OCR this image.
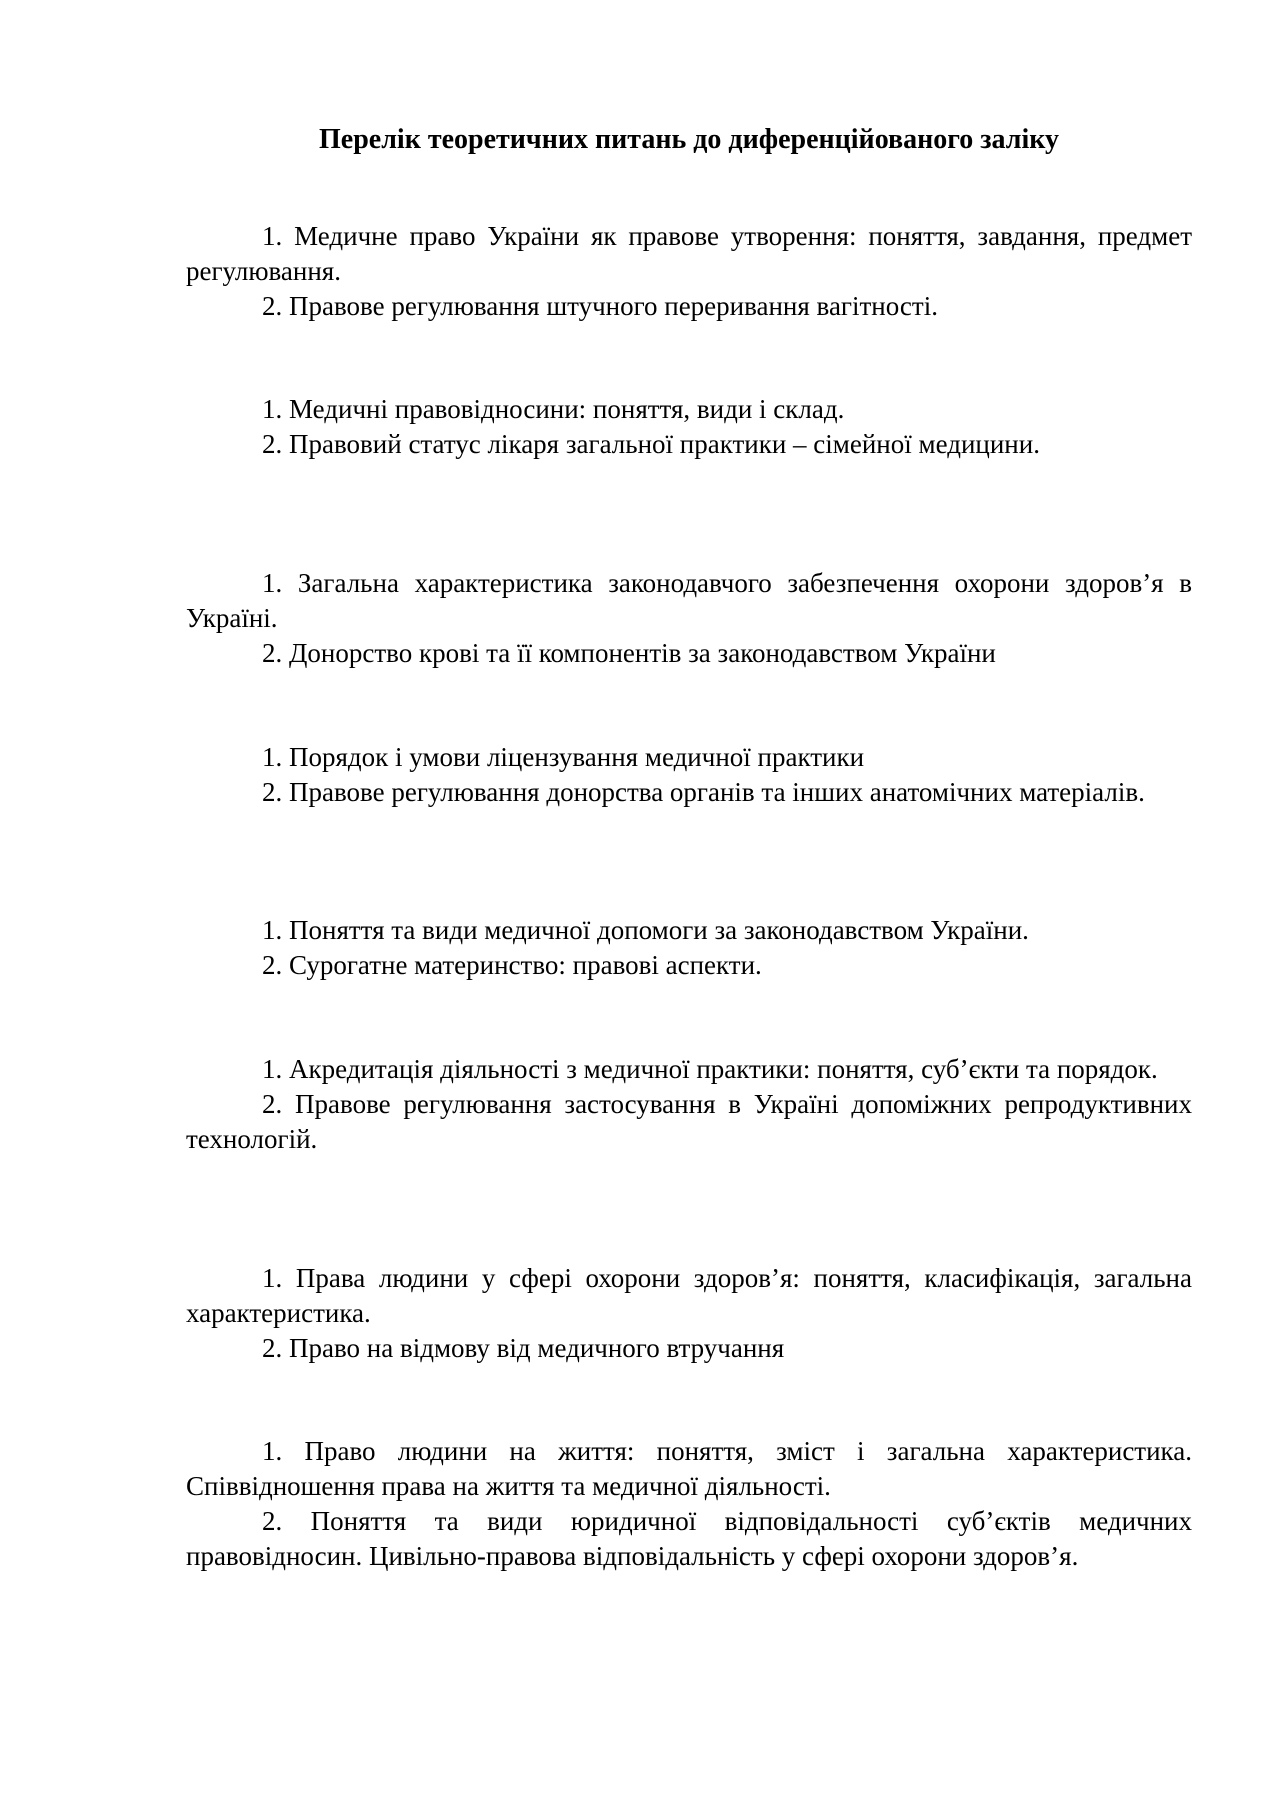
Перелік теоретичних питань до диференційованого заліку

1. Медичне право України як правове утворення: поняття, завдання, предмет регулювання.

2. Правове регулювання штучного переривання вагітності.

1. Медичні правовідносини: поняття, види і склад.

2. Правовий статус лікаря загальної практики – сімейної медицини.

1. Загальна характеристика законодавчого забезпечення охорони здоров’я в Україні.

2. Донорство крові та її компонентів за законодавством України

1. Порядок і умови ліцензування медичної практики

2. Правове регулювання донорства органів та інших анатомічних матеріалів.

1. Поняття та види медичної допомоги за законодавством України.

2. Сурогатне материнство: правові аспекти.

1. Акредитація діяльності з медичної практики: поняття, суб’єкти та порядок.

2. Правове регулювання застосування в Україні допоміжних репродуктивних технологій.

1. Права людини у сфері охорони здоров’я: поняття, класифікація, загальна характеристика.

2. Право на відмову від медичного втручання

1. Право людини на життя: поняття, зміст і загальна характеристика. Співвідношення права на життя та медичної діяльності.

2. Поняття та види юридичної відповідальності суб’єктів медичних правовідносин. Цивільно-правова відповідальність у сфері охорони здоров’я.
